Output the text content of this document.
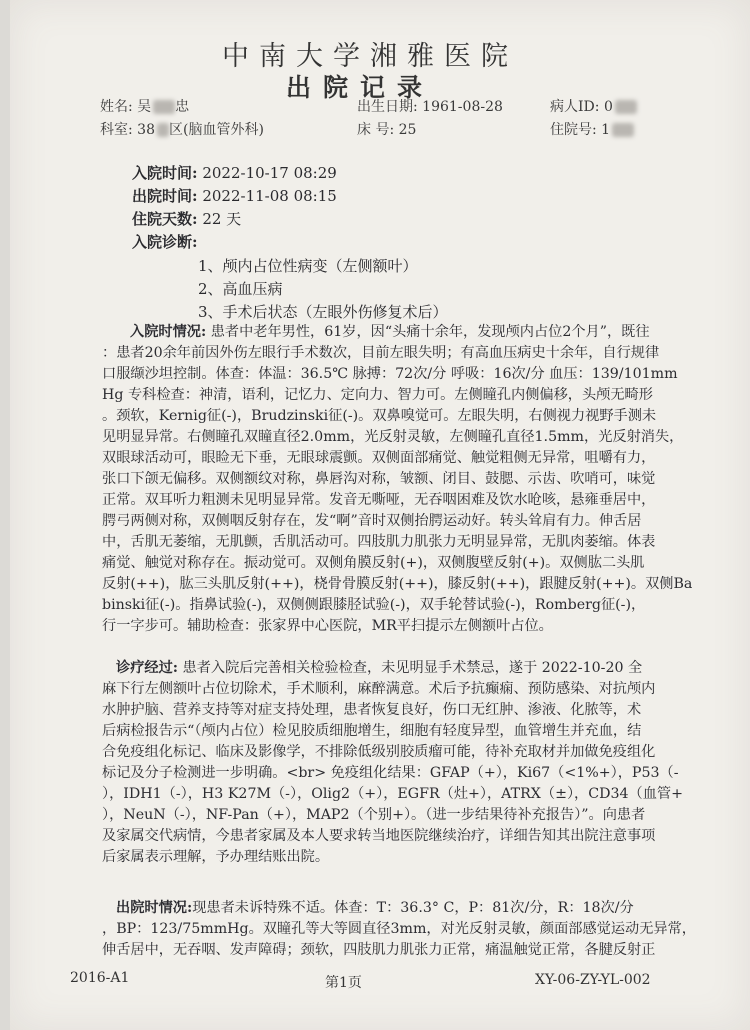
中南大学湘雅医院
出院记录
姓名: 吴 忠	出生日期: 1961-08-28	病人ID: 0
科室: 38 区(脑血管外科)	床 号: 25	住院号: 1
入院时间: 2022-10-17 08:29
出院时间: 2022-11-08 08:15
住院天数: 22 天
入院诊断:
1、颅内占位性病变（左侧额叶）
2、高血压病
3、手术后状态（左眼外伤修复术后）

入院时情况: 患者中老年男性，61岁，因“头痛十余年，发现颅内占位2个月”，既往

：患者20余年前因外伤左眼行手术数次，目前左眼失明；有高血压病史十余年，自行规律

口服缬沙坦控制。体查：体温：36.5℃ 脉搏：72次/分 呼吸：16次/分 血压：139/101mm

Hg 专科检查：神清，语利，记忆力、定向力、智力可。左侧瞳孔内侧偏移，头颅无畸形

。颈软，Kernig征(-)，Brudzinski征(-)。双鼻嗅觉可。左眼失明，右侧视力视野手测未

见明显异常。右侧瞳孔双瞳直径2.0mm，光反射灵敏，左侧瞳孔直径1.5mm，光反射消失，

双眼球活动可，眼睑无下垂，无眼球震颤。双侧面部痛觉、触觉粗侧无异常，咀嚼有力，

张口下颌无偏移。双侧额纹对称，鼻唇沟对称，皱额、闭目、鼓腮、示齿、吹哨可，味觉

正常。双耳听力粗测未见明显异常。发音无嘶哑，无吞咽困难及饮水呛咳，悬雍垂居中，

腭弓两侧对称，双侧咽反射存在，发“啊”音时双侧抬腭运动好。转头耸肩有力。伸舌居

中，舌肌无萎缩，无肌颤，舌肌活动可。四肢肌力肌张力无明显异常，无肌肉萎缩。体表

痛觉、触觉对称存在。振动觉可。双侧角膜反射(+)，双侧腹壁反射(+)。双侧肱二头肌

反射(++)，肱三头肌反射(++)，桡骨骨膜反射(++)，膝反射(++)，跟腱反射(++)。双侧Ba

binski征(-)。指鼻试验(-)，双侧侧跟膝胫试验(-)，双手轮替试验(-)，Romberg征(-)，

行一字步可。辅助检查：张家界中心医院，MR平扫提示左侧额叶占位。

诊疗经过: 患者入院后完善相关检验检查，未见明显手术禁忌，遂于 2022-10-20 全

麻下行左侧额叶占位切除术，手术顺利，麻醉满意。术后予抗癫痫、预防感染、对抗颅内

水肿护脑、营养支持等对症支持处理，患者恢复良好，伤口无红肿、渗液、化脓等，术

后病检报告示“（颅内占位）检见胶质细胞增生，细胞有轻度异型，血管增生并充血，结

合免疫组化标记、临床及影像学，不排除低级别胶质瘤可能，待补充取材并加做免疫组化

标记及分子检测进一步明确。<br> 免疫组化结果：GFAP（+），Ki67（<1%+），P53（-

），IDH1（-），H3 K27M（-），Olig2（+），EGFR（灶+），ATRX（±），CD34（血管+

），NeuN（-），NF-Pan（+），MAP2（个别+）。（进一步结果待补充报告）”。向患者

及家属交代病情，今患者家属及本人要求转当地医院继续治疗，详细告知其出院注意事项

后家属表示理解，予办理结账出院。

出院时情况:现患者未诉特殊不适。体查：T：36.3° C，P：81次/分，R：18次/分

，BP：123/75mmHg。双瞳孔等大等圆直径3mm，对光反射灵敏，颜面部感觉运动无异常，

伸舌居中，无吞咽、发声障碍；颈软，四肢肌力肌张力正常，痛温触觉正常，各腱反射正

2016-A1	第1页	XY-06-ZY-YL-002
